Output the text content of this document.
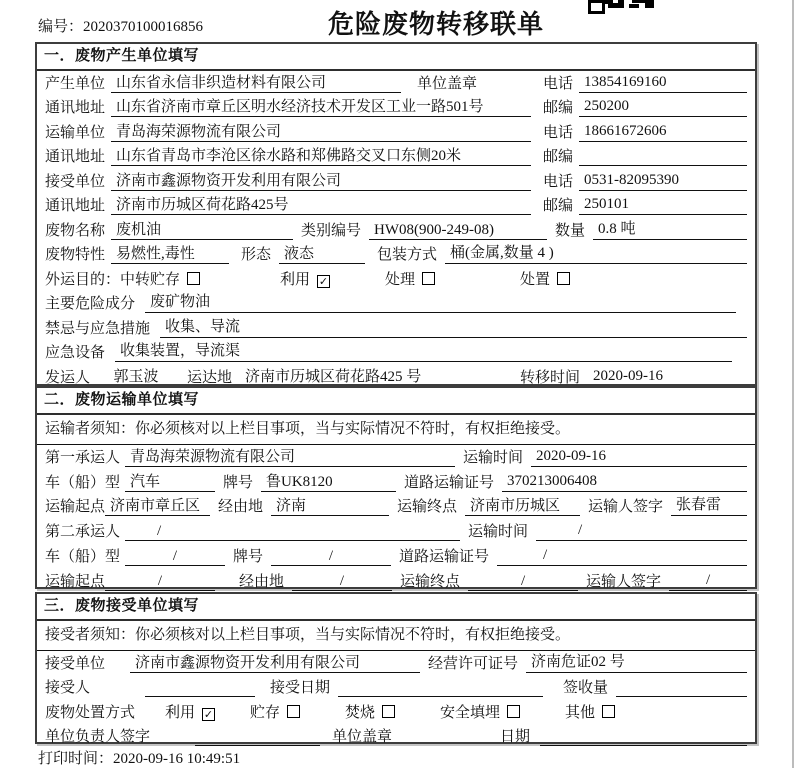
编号：2020370100016856	危险废物转移联单
一．废物产生单位填写
产生单位 山东省永信非织造材料有限公司	单位盖章	电话 13854169160
通讯地址 山东省济南市章丘区明水经济技术开发区工业一路501号	邮编 250200
运输单位 青岛海荣源物流有限公司	电话 18661672606
通讯地址 山东省青岛市李沧区徐水路和郑佛路交叉口东侧20米	邮编
接受单位 济南市鑫源物资开发利用有限公司	电话 0531-82095390
通讯地址 济南市历城区荷花路425号	邮编 250101
废物名称 废机油	类别编号 HW08(900-249-08)	数量 0.8 吨
废物特性 易燃性,毒性	形态 液态	包装方式 桶(金属,数量 4 )
外运目的： 中转贮存	利用 ✓	处理	处置
主要危险成分	废矿物油
禁忌与应急措施	收集、导流
应急设备	收集装置，导流渠
发运人	郭玉波	运达地 济南市历城区荷花路425 号	转移时间 2020-09-16
二．废物运输单位填写
运输者须知：你必须核对以上栏目事项，当与实际情况不符时，有权拒绝接受。
第一承运人 青岛海荣源物流有限公司	运输时间 2020-09-16
车（船）型 汽车	牌号 鲁UK8120	道路运输证号 370213006408
运输起点 济南市章丘区	经由地 济南	运输终点 济南市历城区	运输人签字 张春雷
第二承运人	/	运输时间	/
车（船）型	/	牌号	/	道路运输证号	/
运输起点	/	经由地	/	运输终点	/	运输人签字	/
三．废物接受单位填写
接受者须知：你必须核对以上栏目事项，当与实际情况不符时，有权拒绝接受。
接受单位	济南市鑫源物资开发利用有限公司	经营许可证号 济南危证02 号
接受人	接受日期	签收量
废物处置方式 利用 ✓ 贮存	焚烧	安全填埋	其他
单位负责人签字	单位盖章	日期
打印时间：2020-09-16 10:49:51
